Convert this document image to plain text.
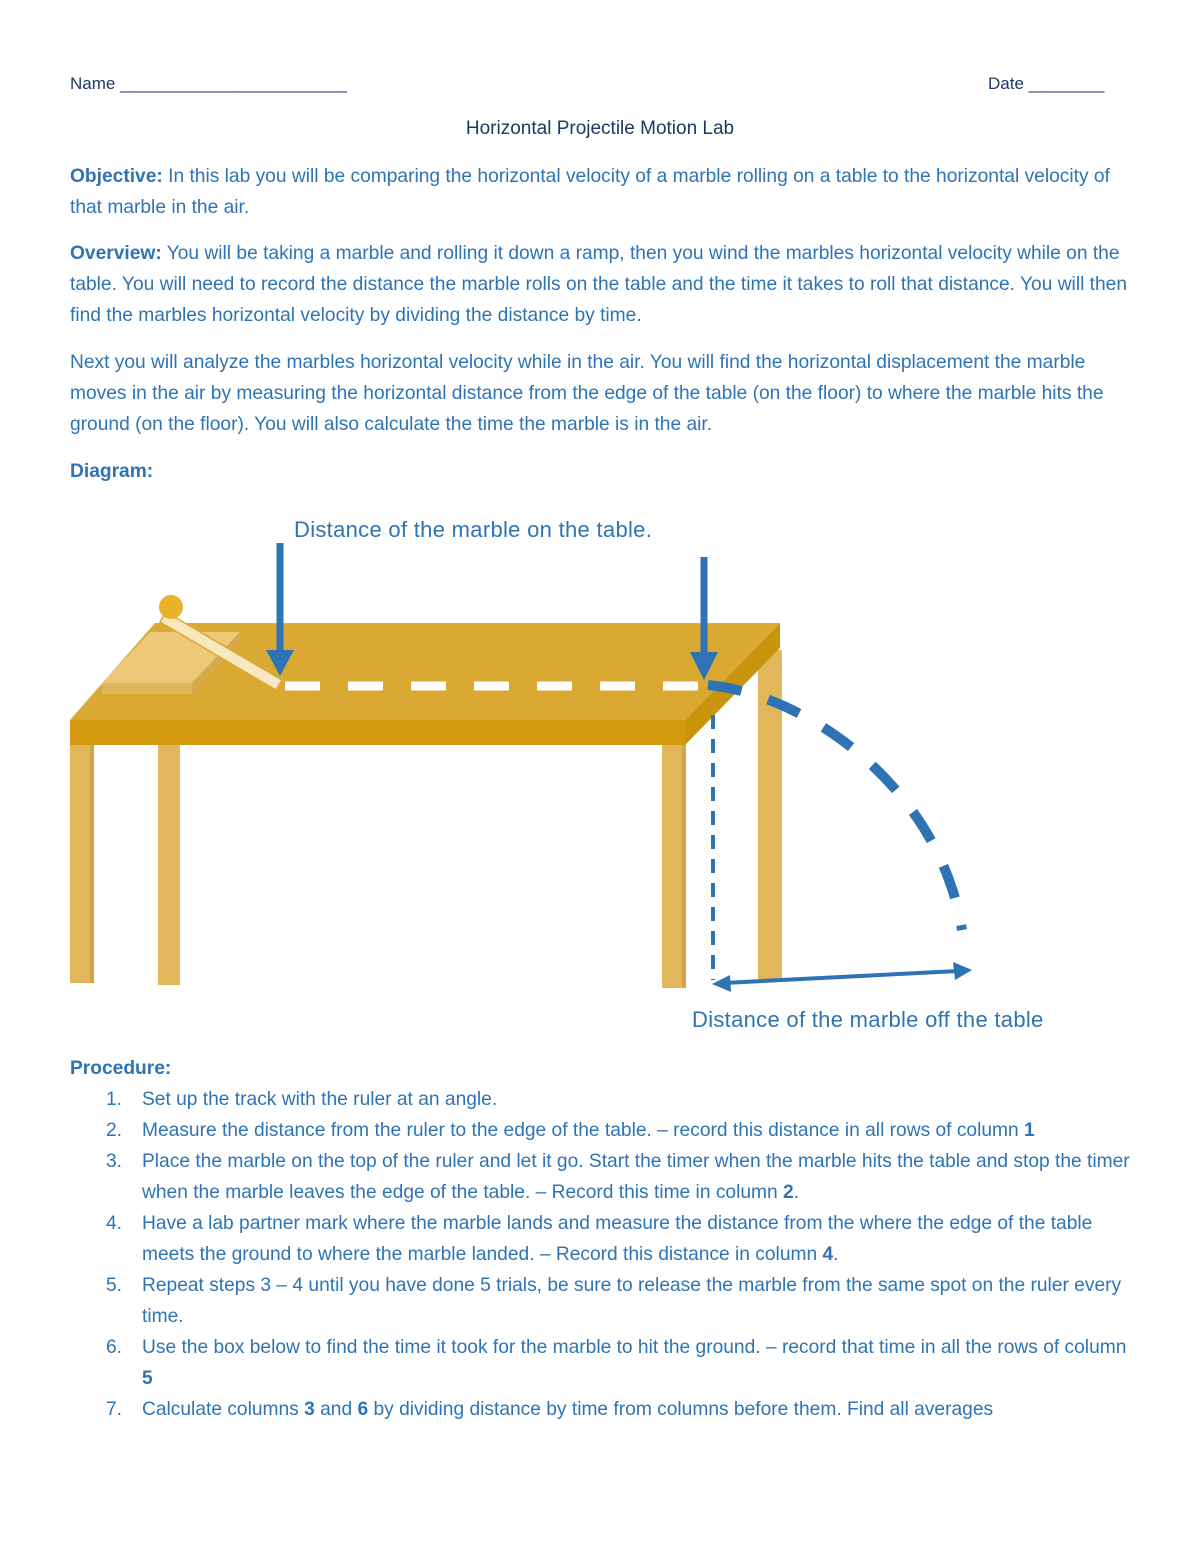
Name ________________________	Date ________
Horizontal Projectile Motion Lab
Objective: In this lab you will be comparing the horizontal velocity of a marble rolling on a table to the horizontal velocity of that marble in the air.
Overview: You will be taking a marble and rolling it down a ramp, then you wind the marbles horizontal velocity while on the table. You will need to record the distance the marble rolls on the table and the time it takes to roll that distance. You will then find the marbles horizontal velocity by dividing the distance by time.
Next you will analyze the marbles horizontal velocity while in the air. You will find the horizontal displacement the marble moves in the air by measuring the horizontal distance from the edge of the table (on the floor) to where the marble hits the ground (on the floor). You will also calculate the time the marble is in the air.
Diagram:
Distance of the marble on the table.
Distance of the marble off the table
Procedure:
1. Set up the track with the ruler at an angle.
2. Measure the distance from the ruler to the edge of the table. – record this distance in all rows of column 1
3. Place the marble on the top of the ruler and let it go. Start the timer when the marble hits the table and stop the timer when the marble leaves the edge of the table. – Record this time in column 2.
4. Have a lab partner mark where the marble lands and measure the distance from the where the edge of the table meets the ground to where the marble landed. – Record this distance in column 4.
5. Repeat steps 3 – 4 until you have done 5 trials, be sure to release the marble from the same spot on the ruler every time.
6. Use the box below to find the time it took for the marble to hit the ground. – record that time in all the rows of column 5
7. Calculate columns 3 and 6 by dividing distance by time from columns before them. Find all averages
